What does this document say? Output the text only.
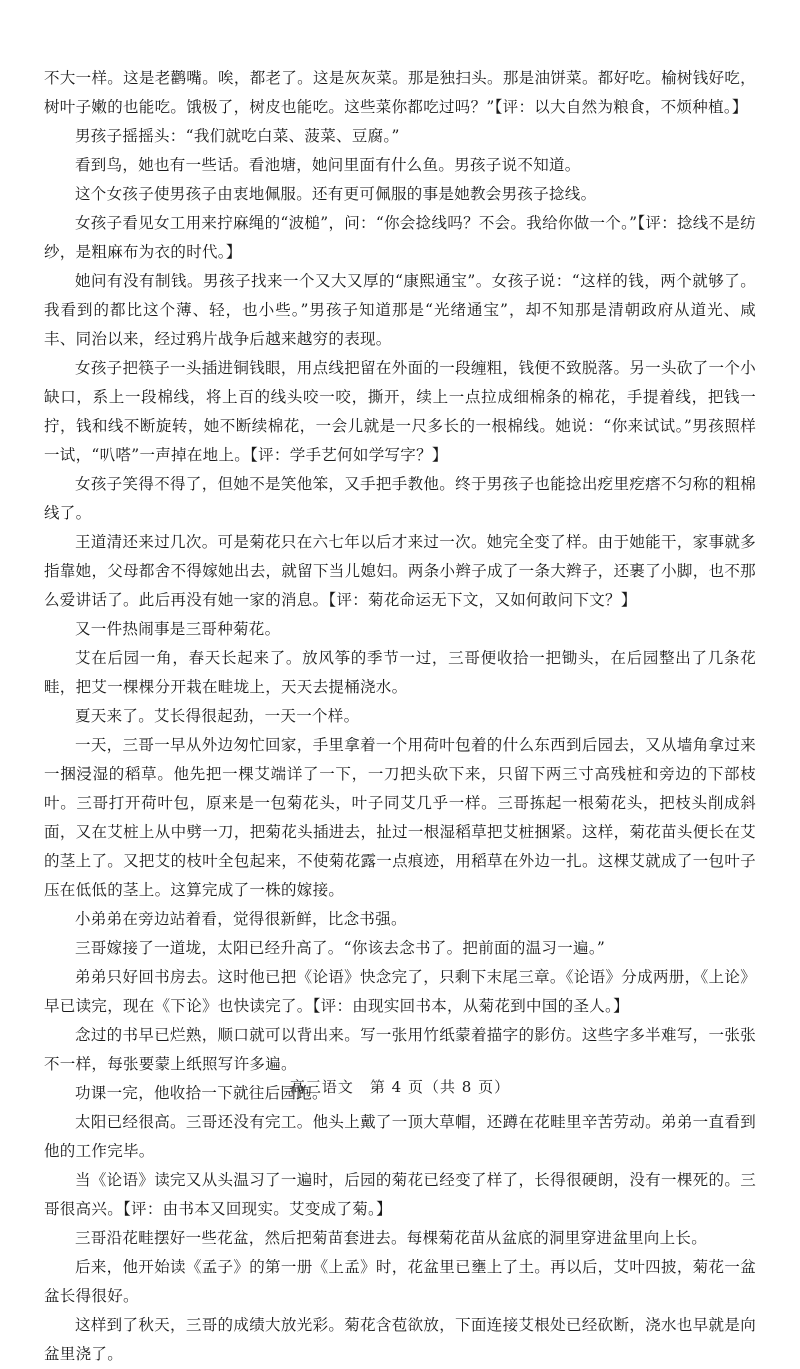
不大一样。这是老鹳嘴。唉，都老了。这是灰灰菜。那是独扫头。那是油饼菜。都好吃。榆树钱好吃，树叶子嫩的也能吃。饿极了，树皮也能吃。这些菜你都吃过吗？”【评：以大自然为粮食，不烦种植。】

男孩子摇摇头：“我们就吃白菜、菠菜、豆腐。”

看到鸟，她也有一些话。看池塘，她问里面有什么鱼。男孩子说不知道。

这个女孩子使男孩子由衷地佩服。还有更可佩服的事是她教会男孩子捻线。

女孩子看见女工用来拧麻绳的“波槌”，问：“你会捻线吗？不会。我给你做一个。”【评：捻线不是纺纱，是粗麻布为衣的时代。】

她问有没有制钱。男孩子找来一个又大又厚的“康熙通宝”。女孩子说：“这样的钱，两个就够了。我看到的都比这个薄、轻，也小些。”男孩子知道那是“光绪通宝”，却不知那是清朝政府从道光、咸丰、同治以来，经过鸦片战争后越来越穷的表现。

女孩子把筷子一头插进铜钱眼，用点线把留在外面的一段缠粗，钱便不致脱落。另一头砍了一个小缺口，系上一段棉线，将上百的线头咬一咬，撕开，续上一点拉成细棉条的棉花，手提着线，把钱一拧，钱和线不断旋转，她不断续棉花，一会儿就是一尺多长的一根棉线。她说：“你来试试。”男孩照样一试，“叭嗒”一声掉在地上。【评：学手艺何如学写字？】

女孩子笑得不得了，但她不是笑他笨，又手把手教他。终于男孩子也能捻出疙里疙瘩不匀称的粗棉线了。

王道清还来过几次。可是菊花只在六七年以后才来过一次。她完全变了样。由于她能干，家事就多指靠她，父母都舍不得嫁她出去，就留下当儿媳妇。两条小辫子成了一条大辫子，还裹了小脚，也不那么爱讲话了。此后再没有她一家的消息。【评：菊花命运无下文，又如何敢问下文？】

又一件热闹事是三哥种菊花。

艾在后园一角，春天长起来了。放风筝的季节一过，三哥便收拾一把锄头，在后园整出了几条花畦，把艾一棵棵分开栽在畦垅上，天天去提桶浇水。

夏天来了。艾长得很起劲，一天一个样。

一天，三哥一早从外边匆忙回家，手里拿着一个用荷叶包着的什么东西到后园去，又从墙角拿过来一捆浸湿的稻草。他先把一棵艾端详了一下，一刀把头砍下来，只留下两三寸高残桩和旁边的下部枝叶。三哥打开荷叶包，原来是一包菊花头，叶子同艾几乎一样。三哥拣起一根菊花头，把枝头削成斜面，又在艾桩上从中劈一刀，把菊花头插进去，扯过一根湿稻草把艾桩捆紧。这样，菊花苗头便长在艾的茎上了。又把艾的枝叶全包起来，不使菊花露一点痕迹，用稻草在外边一扎。这棵艾就成了一包叶子压在低低的茎上。这算完成了一株的嫁接。

小弟弟在旁边站着看，觉得很新鲜，比念书强。

三哥嫁接了一道垅，太阳已经升高了。“你该去念书了。把前面的温习一遍。”

弟弟只好回书房去。这时他已把《论语》快念完了，只剩下末尾三章。《论语》分成两册，《上论》早已读完，现在《下论》也快读完了。【评：由现实回书本，从菊花到中国的圣人。】

念过的书早已烂熟，顺口就可以背出来。写一张用竹纸蒙着描字的影仿。这些字多半难写，一张张不一样，每张要蒙上纸照写许多遍。

功课一完，他收拾一下就往后园跑。

太阳已经很高。三哥还没有完工。他头上戴了一顶大草帽，还蹲在花畦里辛苦劳动。弟弟一直看到他的工作完毕。

当《论语》读完又从头温习了一遍时，后园的菊花已经变了样了，长得很硬朗，没有一棵死的。三哥很高兴。【评：由书本又回现实。艾变成了菊。】

三哥沿花畦摆好一些花盆，然后把菊苗套进去。每棵菊花苗从盆底的洞里穿进盆里向上长。

后来，他开始读《孟子》的第一册《上孟》时，花盆里已壅上了土。再以后，艾叶四披，菊花一盆盆长得很好。

这样到了秋天，三哥的成绩大放光彩。菊花含苞欲放，下面连接艾根处已经砍断，浇水也早就是向盆里浇了。

高三语文　第 4 页（共 8 页）
